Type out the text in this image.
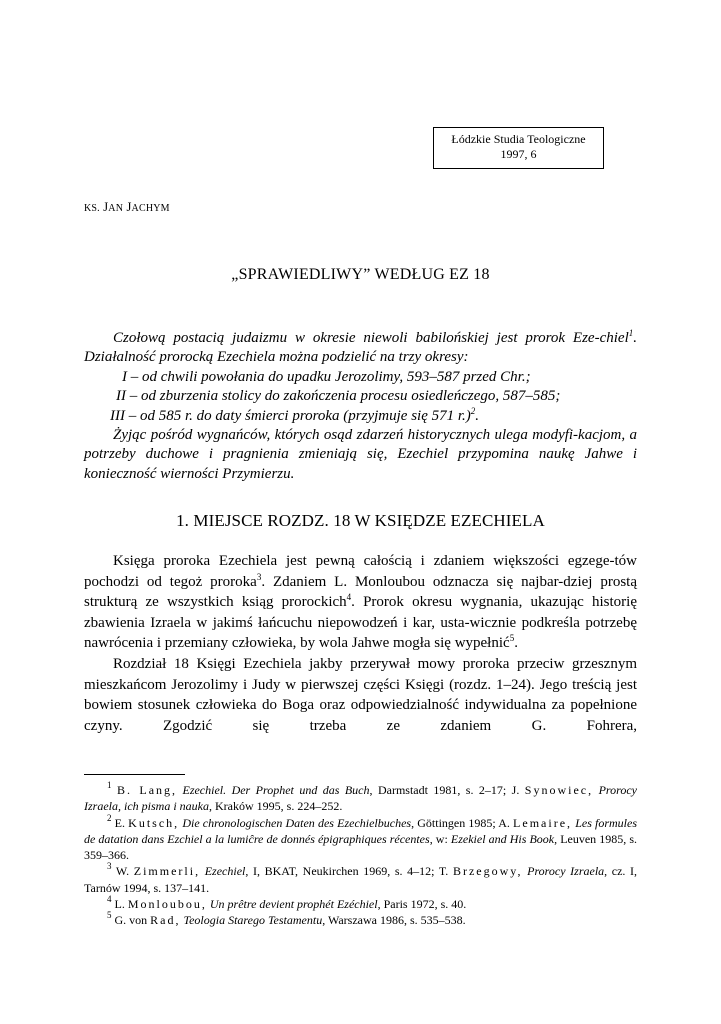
Łódzkie Studia Teologiczne
1997, 6
KS. JAN JACHYM
„SPRAWIEDLIWY” WEDŁUG EZ 18

Czołową postacią judaizmu w okresie niewoli babilońskiej jest prorok Eze-chiel$^1$. Działalność prorocką Ezechiela można podzielić na trzy okresy:

I – od chwili powołania do upadku Jerozolimy, 593–587 przed Chr.;

II – od zburzenia stolicy do zakończenia procesu osiedleńczego, 587–585;

III – od 585 r. do daty śmierci proroka (przyjmuje się 571 r.)$^2$.

Żyjąc pośród wygnańców, których osąd zdarzeń historycznych ulega modyfi-kacjom, a potrzeby duchowe i pragnienia zmieniają się, Ezechiel przypomina naukę Jahwe i konieczność wierności Przymierzu.

1. MIEJSCE ROZDZ. 18 W KSIĘDZE EZECHIELA

Księga proroka Ezechiela jest pewną całością i zdaniem większości egzege-tów pochodzi od tegoż proroka$^3$. Zdaniem L. Monloubou odznacza się najbar-dziej prostą strukturą ze wszystkich ksiąg prorockich$^4$. Prorok okresu wygnania, ukazując historię zbawienia Izraela w jakimś łańcuchu niepowodzeń i kar, usta-wicznie podkreśla potrzebę nawrócenia i przemiany człowieka, by wola Jahwe mogła się wypełnić$^5$.

Rozdział 18 Księgi Ezechiela jakby przerywał mowy proroka przeciw grzesznym mieszkańcom Jerozolimy i Judy w pierwszej części Księgi (rozdz. 1–24). Jego treścią jest bowiem stosunek człowieka do Boga oraz odpowiedzialność indywidualna za popełnione czyny. Zgodzić się trzeba ze zdaniem G. Fohrera,

$^1$ B. Lang, Ezechiel. Der Prophet und das Buch, Darmstadt 1981, s. 2–17; J. Synowiec, Prorocy Izraela, ich pisma i nauka, Kraków 1995, s. 224–252.

$^2$ E. Kutsch, Die chronologischen Daten des Ezechielbuches, Göttingen 1985; A. Lemaire, Les formules de datation dans Ezchiel a la lumiĉre de donnés épigraphiques récentes, w: Ezekiel and His Book, Leuven 1985, s. 359–366.

$^3$ W. Zimmerli, Ezechiel, I, BKAT, Neukirchen 1969, s. 4–12; T. Brzegowy, Prorocy Izraela, cz. I, Tarnów 1994, s. 137–141.

$^4$ L. Monloubou, Un prêtre devient prophét Ezéchiel, Paris 1972, s. 40.

$^5$ G. von Rad, Teologia Starego Testamentu, Warszawa 1986, s. 535–538.
